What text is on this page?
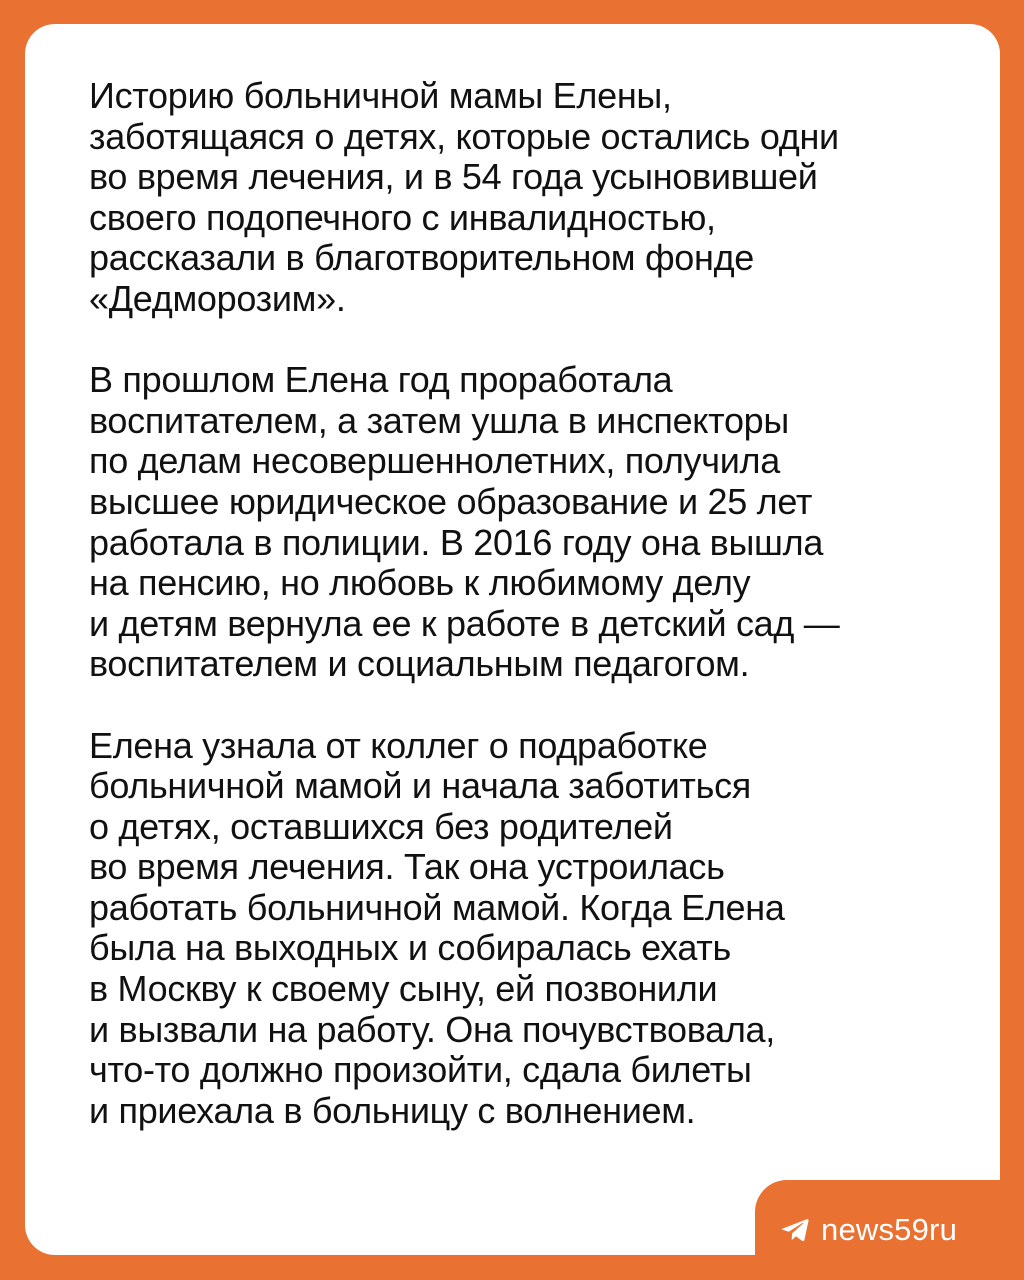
Историю больничной мамы Елены,
заботящаяся о детях, которые остались одни
во время лечения, и в 54 года усыновившей
своего подопечного с инвалидностью,
рассказали в благотворительном фонде
«Дедморозим».

В прошлом Елена год проработала
воспитателем, а затем ушла в инспекторы
по делам несовершеннолетних, получила
высшее юридическое образование и 25 лет
работала в полиции. В 2016 году она вышла
на пенсию, но любовь к любимому делу
и детям вернула ее к работе в детский сад —
воспитателем и социальным педагогом.

Елена узнала от коллег о подработке
больничной мамой и начала заботиться
о детях, оставшихся без родителей
во время лечения. Так она устроилась
работать больничной мамой. Когда Елена
была на выходных и собиралась ехать
в Москву к своему сыну, ей позвонили
и вызвали на работу. Она почувствовала,
что-то должно произойти, сдала билеты
и приехала в больницу с волнением.

news59ru
